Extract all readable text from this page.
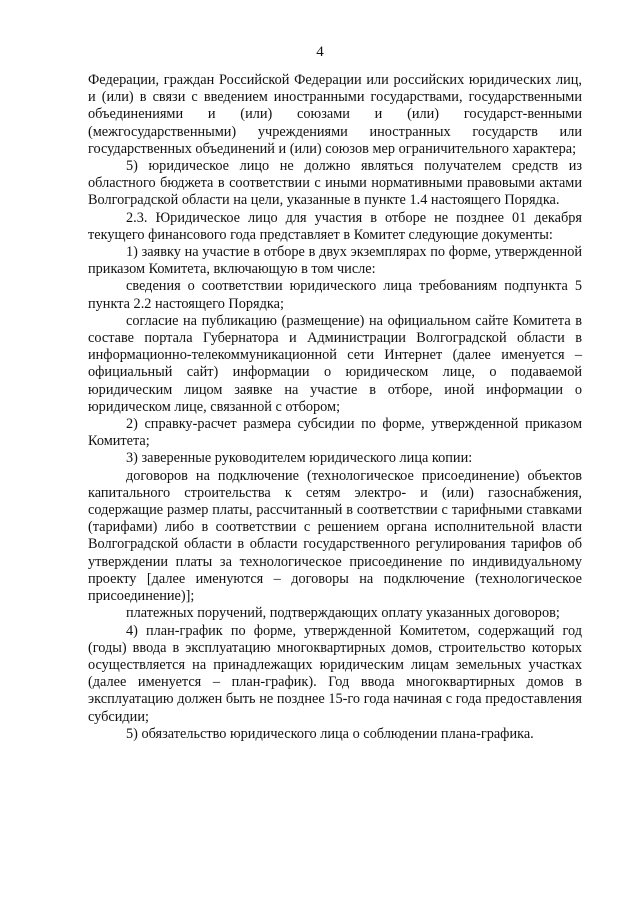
4

Федерации, граждан Российской Федерации или российских юридических лиц, и (или) в связи с введением иностранными государствами, государственными объединениями и (или) союзами и (или) государст-венными (межгосударственными) учреждениями иностранных государств или государственных объединений и (или) союзов мер ограничительного характера;

5) юридическое лицо не должно являться получателем средств из областного бюджета в соответствии с иными нормативными правовыми актами Волгоградской области на цели, указанные в пункте 1.4 настоящего Порядка.

2.3. Юридическое лицо для участия в отборе не позднее 01 декабря текущего финансового года представляет в Комитет следующие документы:

1) заявку на участие в отборе в двух экземплярах по форме, утвержденной приказом Комитета, включающую в том числе:

сведения о соответствии юридического лица требованиям подпункта 5 пункта 2.2 настоящего Порядка;

согласие на публикацию (размещение) на официальном сайте Комитета в составе портала Губернатора и Администрации Волгоградской области в информационно-телекоммуникационной сети Интернет (далее именуется – официальный сайт) информации о юридическом лице, о подаваемой юридическим лицом заявке на участие в отборе, иной информации о юридическом лице, связанной с отбором;

2) справку-расчет размера субсидии по форме, утвержденной приказом Комитета;

3) заверенные руководителем юридического лица копии:

договоров на подключение (технологическое присоединение) объектов капитального строительства к сетям электро- и (или) газоснабжения, содержащие размер платы, рассчитанный в соответствии с тарифными ставками (тарифами) либо в соответствии с решением органа исполнительной власти Волгоградской области в области государственного регулирования тарифов об утверждении платы за технологическое присоединение по индивидуальному проекту [далее именуются – договоры на подключение (технологическое присоединение)];

платежных поручений, подтверждающих оплату указанных договоров;

4) план-график по форме, утвержденной Комитетом, содержащий год (годы) ввода в эксплуатацию многоквартирных домов, строительство которых осуществляется на принадлежащих юридическим лицам земельных участках (далее именуется – план-график). Год ввода многоквартирных домов в эксплуатацию должен быть не позднее 15-го года начиная с года предоставления субсидии;

5) обязательство юридического лица о соблюдении плана-графика.
